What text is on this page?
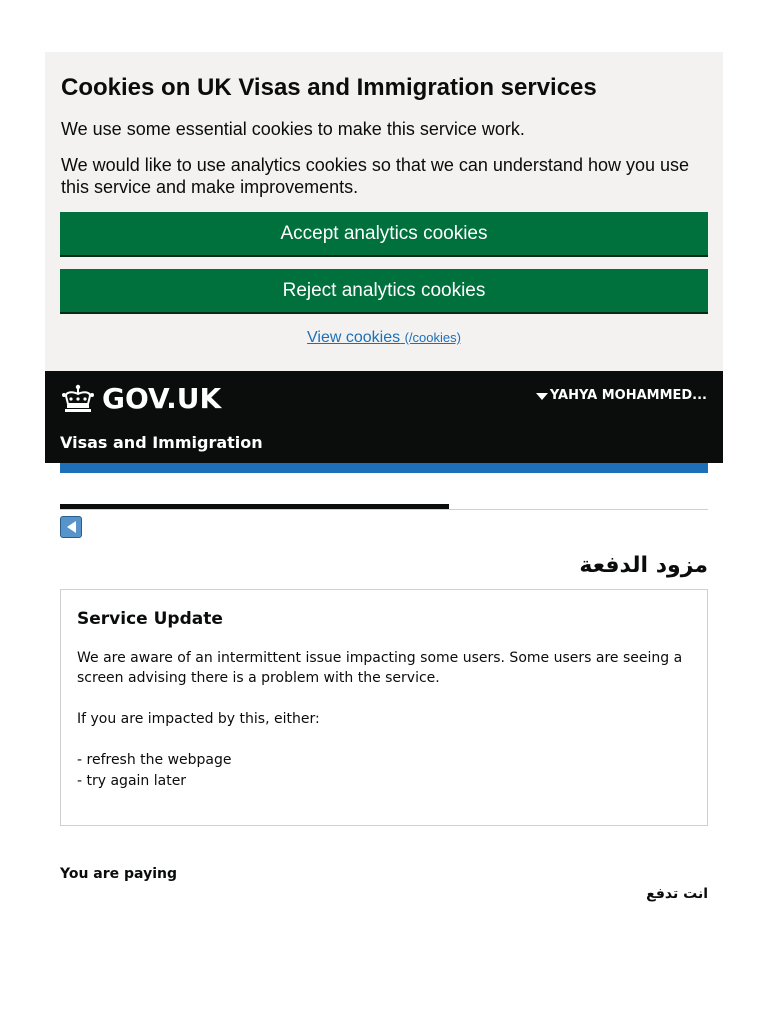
Cookies on UK Visas and Immigration services

We use some essential cookies to make this service work.

We would like to use analytics cookies so that we can understand how you use this service and make improvements.

Accept analytics cookies
Reject analytics cookies
View cookies (/cookies)
GOV.UK
Visas and Immigration
YAHYA MOHAMMED...
مزود الدفعة
Service Update

We are aware of an intermittent issue impacting some users. Some users are seeing a screen advising there is a problem with the service.

If you are impacted by this, either:

- refresh the webpage

- try again later

You are paying
انت تدفع
